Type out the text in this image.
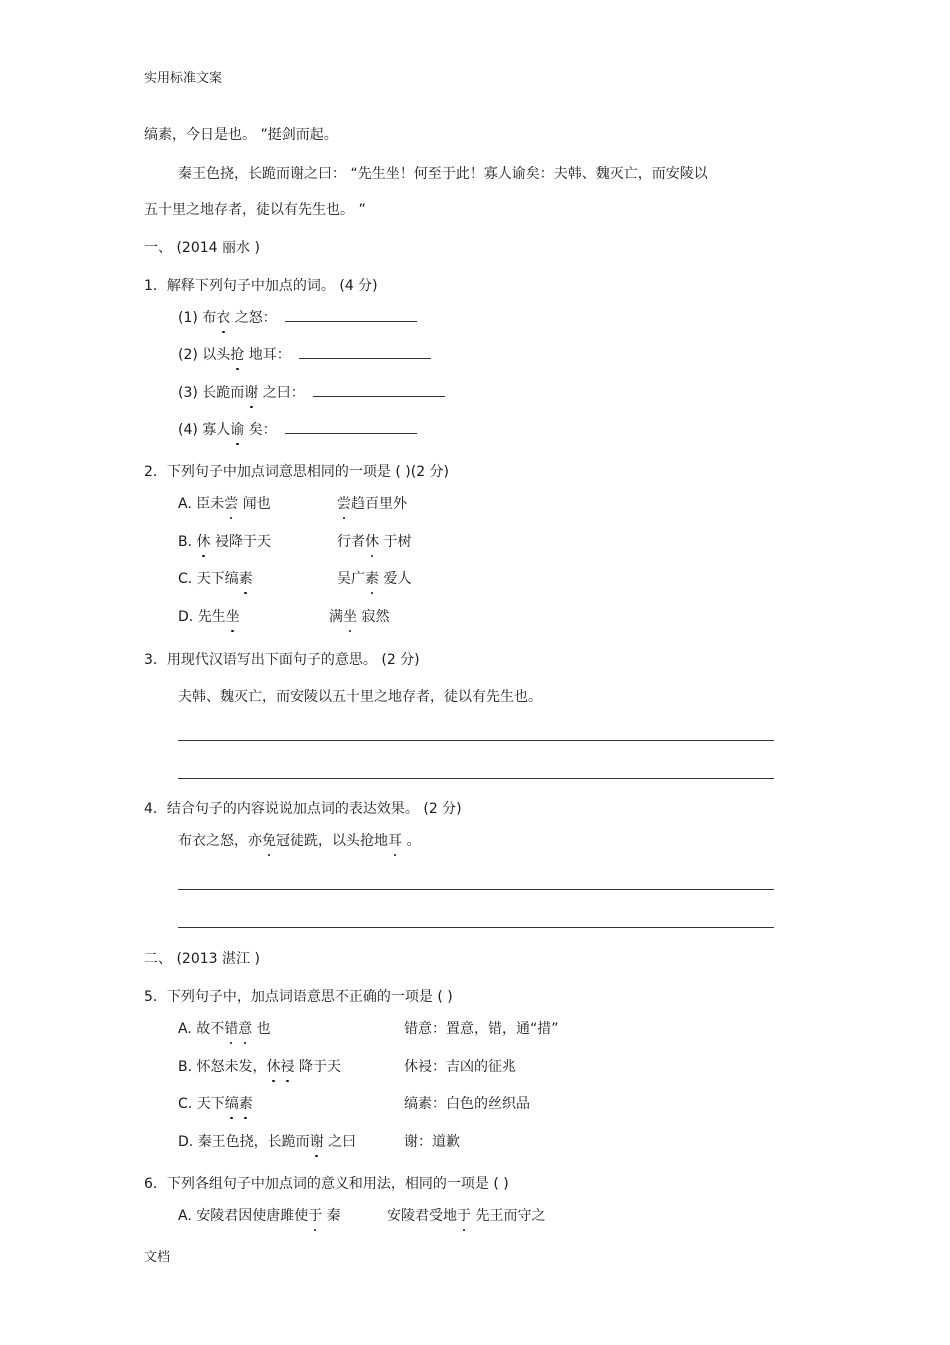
实用标准文案
缟素，今日是也。 ”挺剑而起。
秦王色挠，长跪而谢之曰： “先生坐！何至于此！寡人谕矣：夫韩、魏灭亡，而安陵以
五十里之地存者，徒以有先生也。 ”
一、 (2014 丽水 )
1．解释下列句子中加点的词。 (4 分)
(1) 布衣 之怒：
(2) 以头抢 地耳：
(3) 长跪而谢 之曰：
(4) 寡人谕 矣：
2．下列句子中加点词意思相同的一项是 ( )(2 分)
A. 臣未尝 闻也	尝趋百里外
B. 休 祲降于天	行者休 于树
C. 天下缟素	吴广素 爱人
D. 先生坐	满坐 寂然
3．用现代汉语写出下面句子的意思。 (2 分)
夫韩、魏灭亡，而安陵以五十里之地存者，徒以有先生也。
4．结合句子的内容说说加点词的表达效果。 (2 分)
布衣之怒，亦免冠徒跣，以头抢地耳 。
二、 (2013 湛江 )
5．下列句子中，加点词语意思不正确的一项是 ( )
A. 故不错意 也	错意：置意，错，通“措”
B. 怀怒未发，休祲 降于天	休祲：吉凶的征兆
C. 天下缟素	缟素：白色的丝织品
D. 秦王色挠，长跪而谢 之曰	谢：道歉
6．下列各组句子中加点词的意义和用法，相同的一项是 ( )
A. 安陵君因使唐雎使于 秦	安陵君受地于 先王而守之
文档
